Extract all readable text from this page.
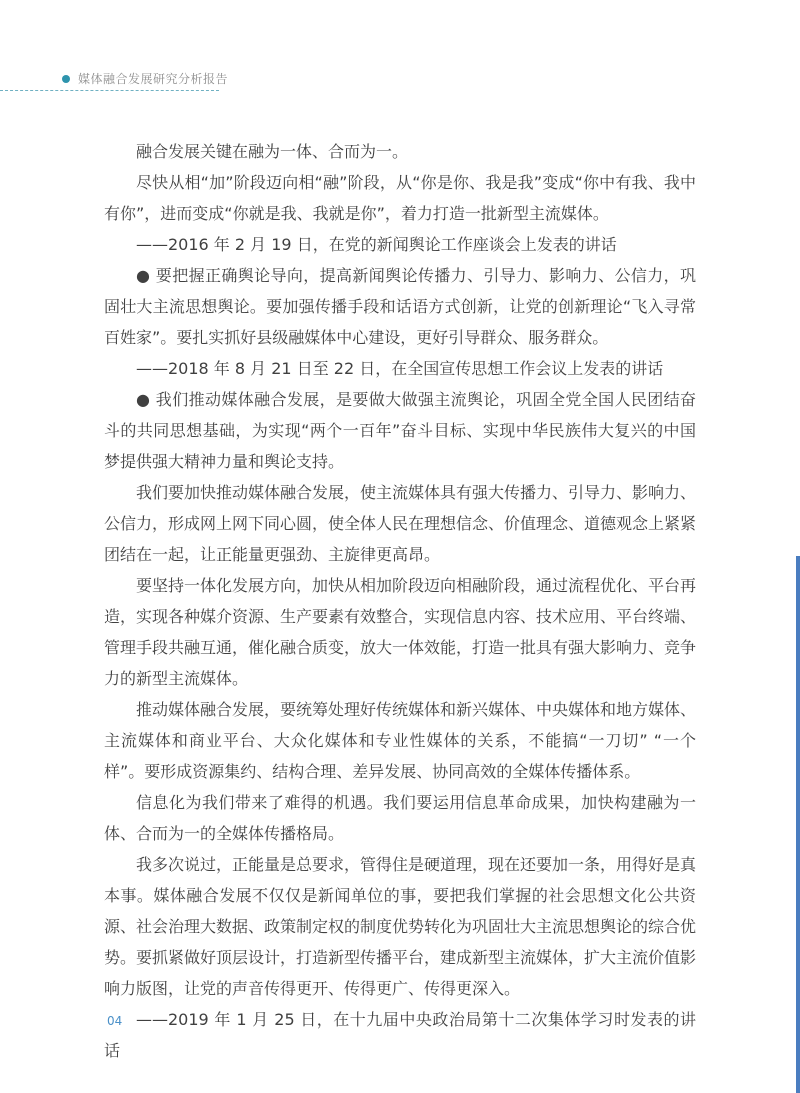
媒体融合发展研究分析报告

融合发展关键在融为一体、合而为一。

尽快从相“加”阶段迈向相“融”阶段，从“你是你、我是我”变成“你中有我、我中有你”，进而变成“你就是我、我就是你”，着力打造一批新型主流媒体。

——2016 年 2 月 19 日，在党的新闻舆论工作座谈会上发表的讲话

● 要把握正确舆论导向，提高新闻舆论传播力、引导力、影响力、公信力，巩固壮大主流思想舆论。要加强传播手段和话语方式创新，让党的创新理论“飞入寻常百姓家”。要扎实抓好县级融媒体中心建设，更好引导群众、服务群众。

——2018 年 8 月 21 日至 22 日，在全国宣传思想工作会议上发表的讲话

● 我们推动媒体融合发展，是要做大做强主流舆论，巩固全党全国人民团结奋斗的共同思想基础，为实现“两个一百年”奋斗目标、实现中华民族伟大复兴的中国梦提供强大精神力量和舆论支持。

我们要加快推动媒体融合发展，使主流媒体具有强大传播力、引导力、影响力、公信力，形成网上网下同心圆，使全体人民在理想信念、价值理念、道德观念上紧紧团结在一起，让正能量更强劲、主旋律更高昂。

要坚持一体化发展方向，加快从相加阶段迈向相融阶段，通过流程优化、平台再造，实现各种媒介资源、生产要素有效整合，实现信息内容、技术应用、平台终端、管理手段共融互通，催化融合质变，放大一体效能，打造一批具有强大影响力、竞争力的新型主流媒体。

推动媒体融合发展，要统筹处理好传统媒体和新兴媒体、中央媒体和地方媒体、主流媒体和商业平台、大众化媒体和专业性媒体的关系，不能搞“一刀切” “一个样”。要形成资源集约、结构合理、差异发展、协同高效的全媒体传播体系。

信息化为我们带来了难得的机遇。我们要运用信息革命成果，加快构建融为一体、合而为一的全媒体传播格局。

我多次说过，正能量是总要求，管得住是硬道理，现在还要加一条，用得好是真本事。媒体融合发展不仅仅是新闻单位的事，要把我们掌握的社会思想文化公共资源、社会治理大数据、政策制定权的制度优势转化为巩固壮大主流思想舆论的综合优势。要抓紧做好顶层设计，打造新型传播平台，建成新型主流媒体，扩大主流价值影响力版图，让党的声音传得更开、传得更广、传得更深入。

——2019 年 1 月 25 日，在十九届中央政治局第十二次集体学习时发表的讲话

04
